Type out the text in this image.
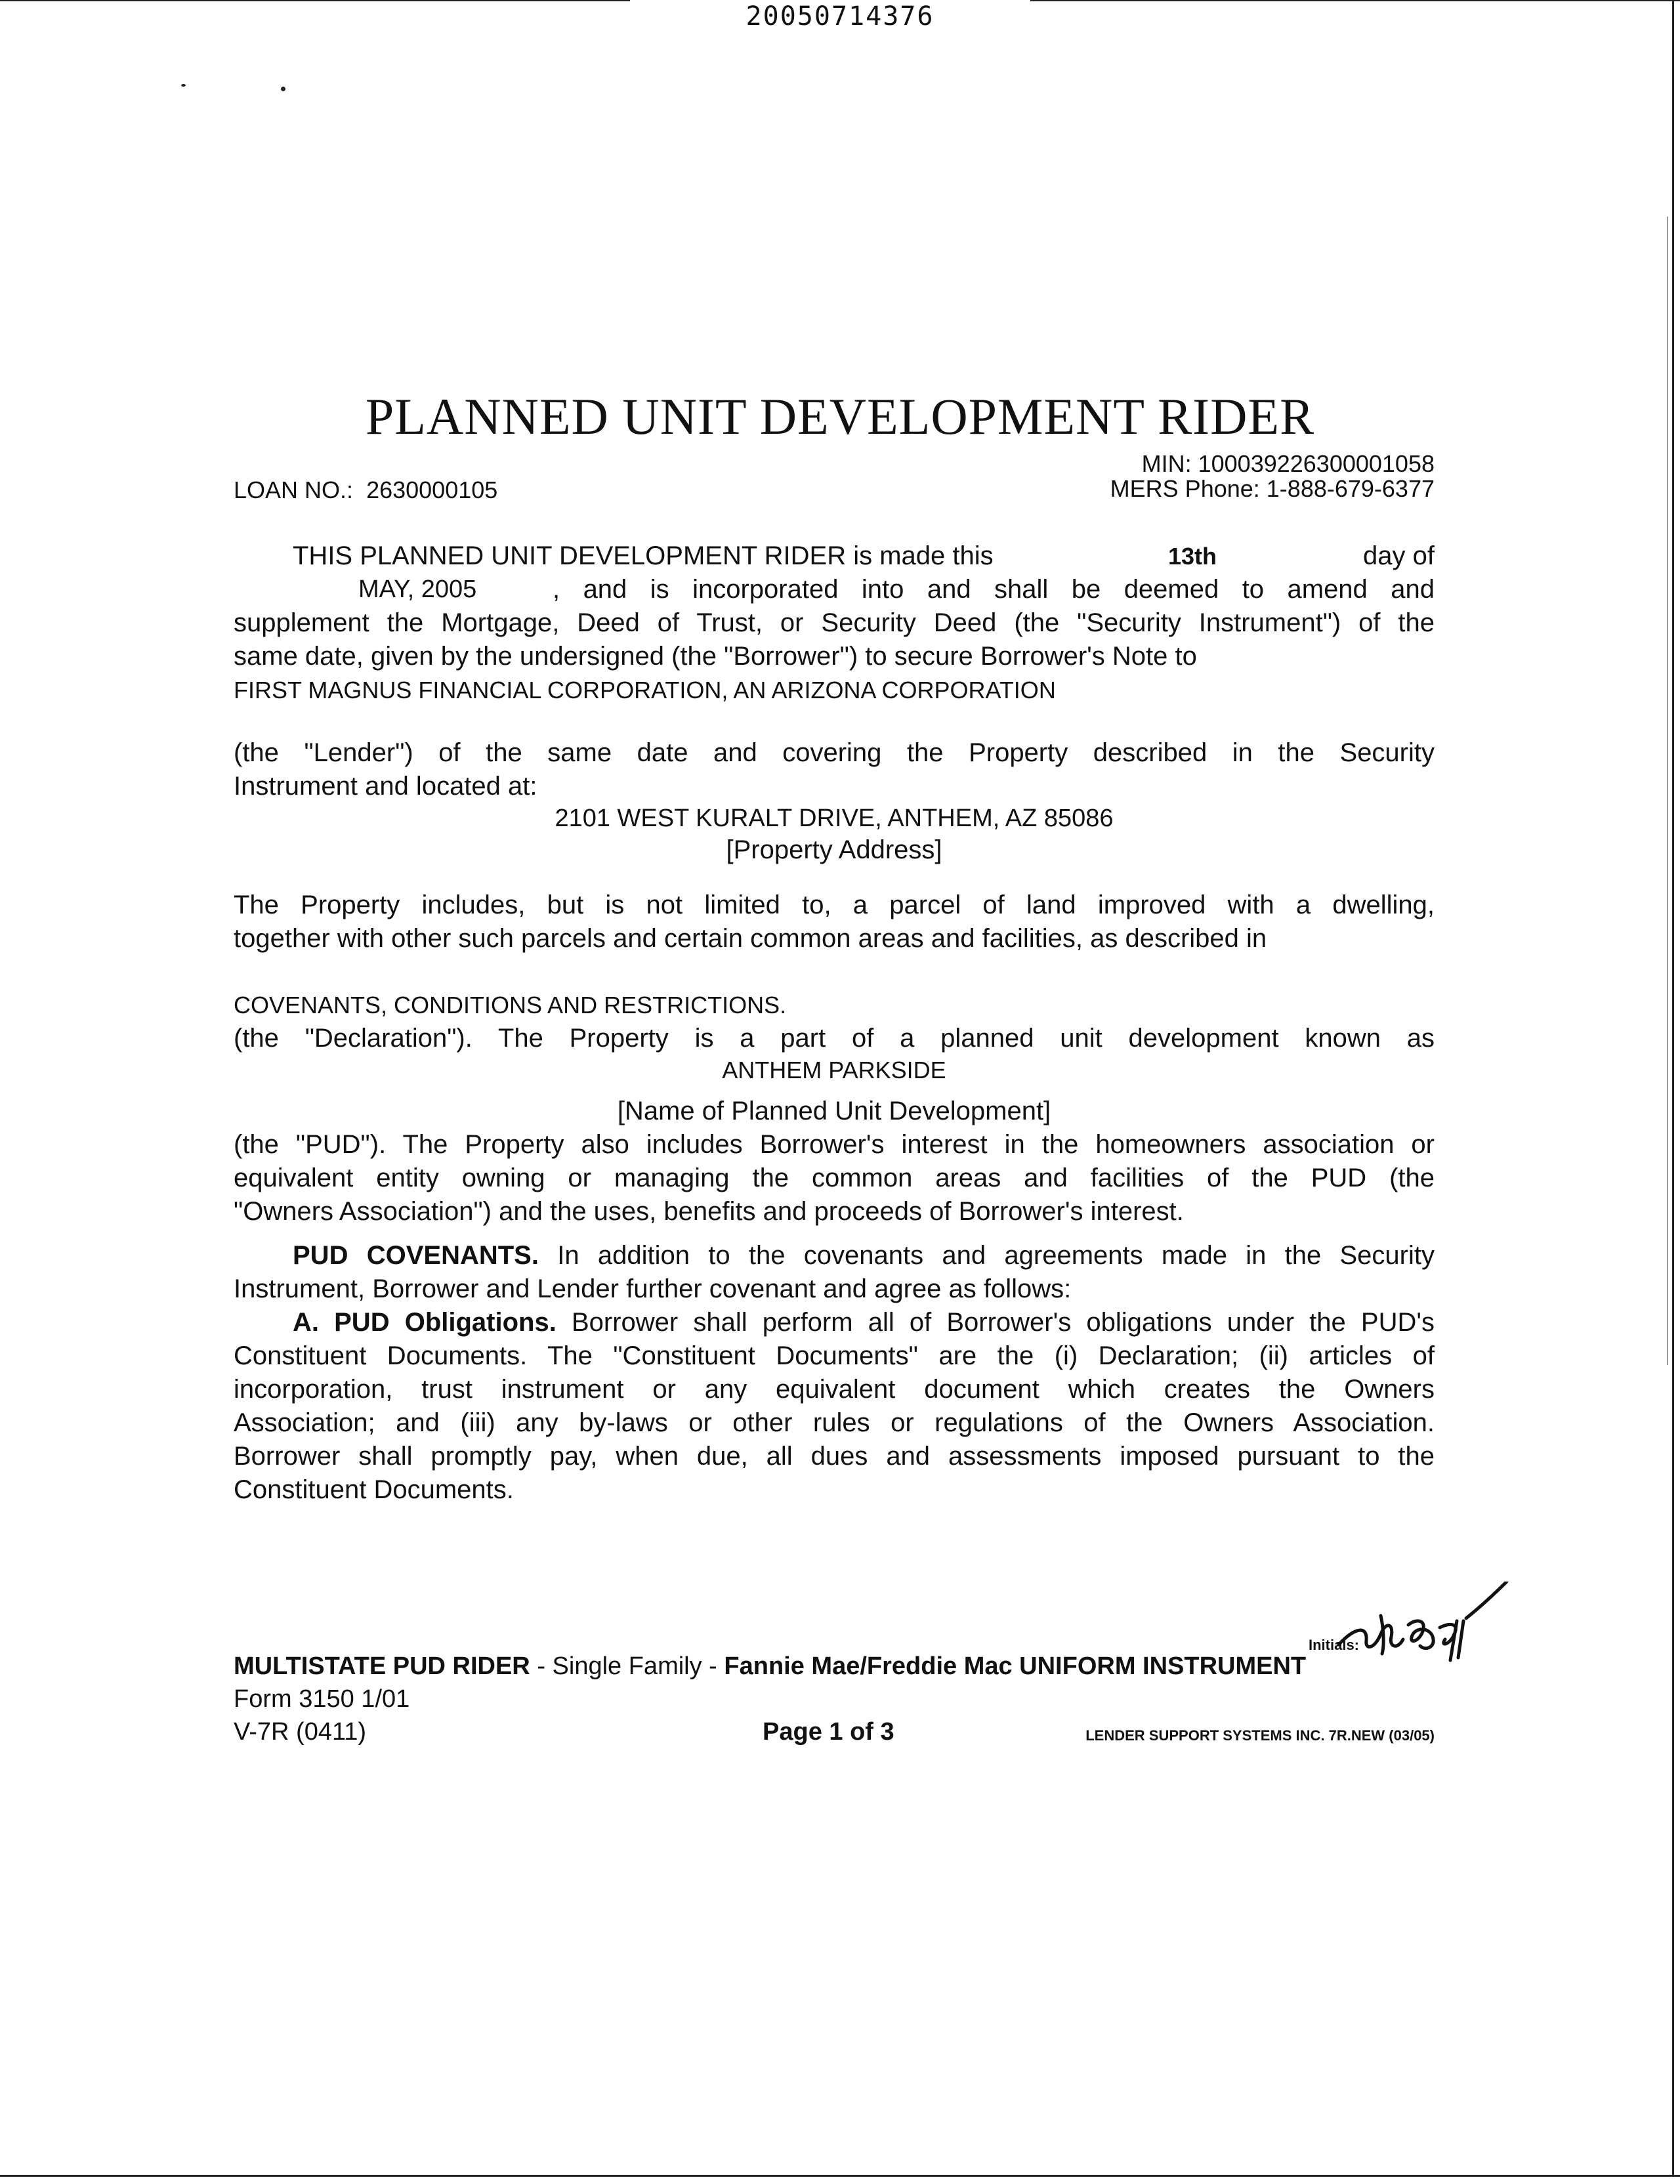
20050714376
PLANNED UNIT DEVELOPMENT RIDER
MIN: 100039226300001058
MERS Phone: 1-888-679-6377
LOAN NO.: 2630000105
THIS PLANNED UNIT DEVELOPMENT RIDER is made this	13th	day of
MAY, 2005	, and is incorporated into and shall be deemed to amend and
supplement the Mortgage, Deed of Trust, or Security Deed (the "Security Instrument") of the
same date, given by the undersigned (the "Borrower") to secure Borrower's Note to
FIRST MAGNUS FINANCIAL CORPORATION, AN ARIZONA CORPORATION
(the "Lender") of the same date and covering the Property described in the Security
Instrument and located at:
2101 WEST KURALT DRIVE, ANTHEM, AZ 85086
[Property Address]
The Property includes, but is not limited to, a parcel of land improved with a dwelling,
together with other such parcels and certain common areas and facilities, as described in
COVENANTS, CONDITIONS AND RESTRICTIONS.
(the "Declaration"). The Property is a part of a planned unit development known as
ANTHEM PARKSIDE
[Name of Planned Unit Development]
(the "PUD"). The Property also includes Borrower's interest in the homeowners association or
equivalent entity owning or managing the common areas and facilities of the PUD (the
"Owners Association") and the uses, benefits and proceeds of Borrower's interest.
PUD COVENANTS. In addition to the covenants and agreements made in the Security
Instrument, Borrower and Lender further covenant and agree as follows:
A. PUD Obligations. Borrower shall perform all of Borrower's obligations under the PUD's
Constituent Documents. The "Constituent Documents" are the (i) Declaration; (ii) articles of
incorporation, trust instrument or any equivalent document which creates the Owners
Association; and (iii) any by-laws or other rules or regulations of the Owners Association.
Borrower shall promptly pay, when due, all dues and assessments imposed pursuant to the
Constituent Documents.
Initials:
MULTISTATE PUD RIDER - Single Family - Fannie Mae/Freddie Mac UNIFORM INSTRUMENT
Form 3150 1/01
V-7R (0411)	Page 1 of 3	LENDER SUPPORT SYSTEMS INC. 7R.NEW (03/05)
